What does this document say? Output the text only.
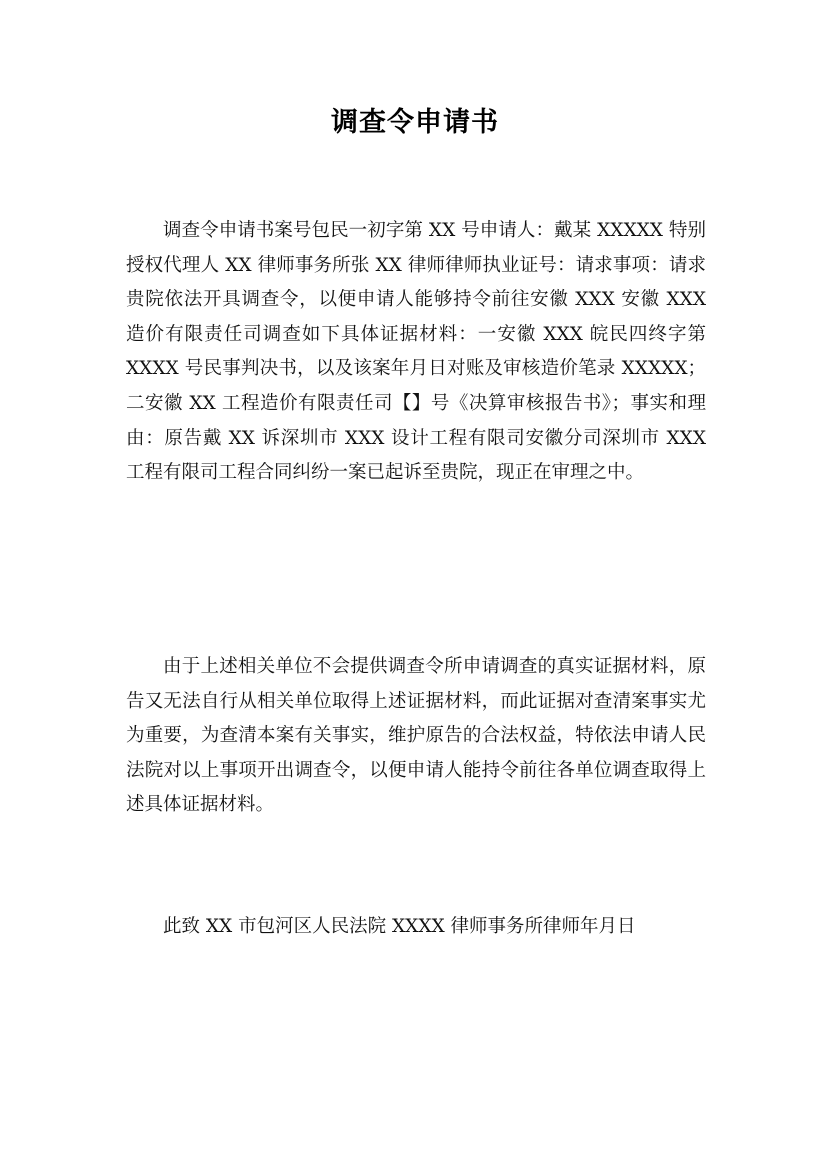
调查令申请书

调查令申请书案号包民一初字第 XX 号申请人：戴某 XXXXX 特别授权代理人 XX 律师事务所张 XX 律师律师执业证号：请求事项：请求贵院依法开具调查令，以便申请人能够持令前往安徽 XXX 安徽 XXX 造价有限责任司调查如下具体证据材料：一安徽 XXX 皖民四终字第 XXXX 号民事判决书，以及该案年月日对账及审核造价笔录 XXXXX；二安徽 XX 工程造价有限责任司【】号《决算审核报告书》；事实和理由：原告戴 XX 诉深圳市 XXX 设计工程有限司安徽分司深圳市 XXX 工程有限司工程合同纠纷一案已起诉至贵院，现正在审理之中。

由于上述相关单位不会提供调查令所申请调查的真实证据材料，原告又无法自行从相关单位取得上述证据材料，而此证据对查清案事实尤为重要，为查清本案有关事实，维护原告的合法权益，特依法申请人民法院对以上事项开出调查令，以便申请人能持令前往各单位调查取得上述具体证据材料。

此致 XX 市包河区人民法院 XXXX 律师事务所律师年月日
